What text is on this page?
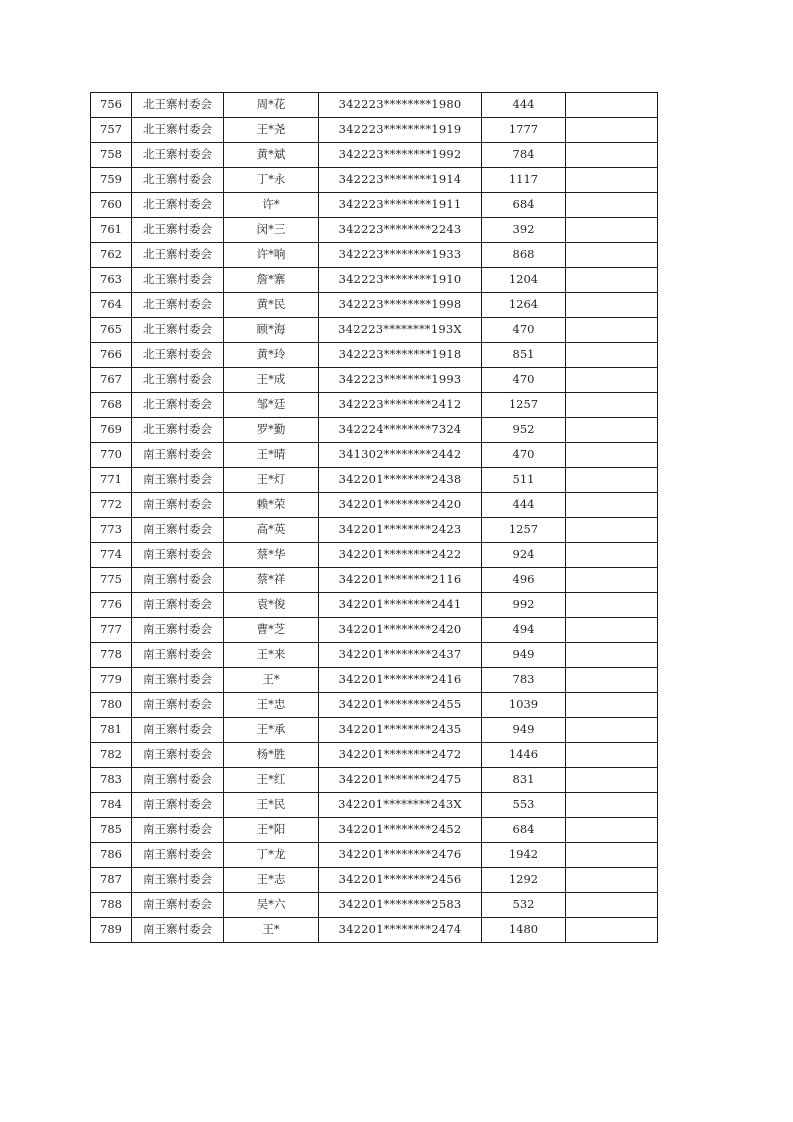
756	北王寨村委会	周*花	342223********1980	444	
757	北王寨村委会	王*尧	342223********1919	1777	
758	北王寨村委会	黄*斌	342223********1992	784	
759	北王寨村委会	丁*永	342223********1914	1117	
760	北王寨村委会	许*	342223********1911	684	
761	北王寨村委会	闵*三	342223********2243	392	
762	北王寨村委会	许*响	342223********1933	868	
763	北王寨村委会	詹*寨	342223********1910	1204	
764	北王寨村委会	黄*民	342223********1998	1264	
765	北王寨村委会	顾*海	342223********193X	470	
766	北王寨村委会	黄*玲	342223********1918	851	
767	北王寨村委会	王*成	342223********1993	470	
768	北王寨村委会	邹*廷	342223********2412	1257	
769	北王寨村委会	罗*勤	342224********7324	952	
770	南王寨村委会	王*晴	341302********2442	470	
771	南王寨村委会	王*灯	342201********2438	511	
772	南王寨村委会	赖*荣	342201********2420	444	
773	南王寨村委会	高*英	342201********2423	1257	
774	南王寨村委会	蔡*华	342201********2422	924	
775	南王寨村委会	蔡*祥	342201********2116	496	
776	南王寨村委会	袁*俊	342201********2441	992	
777	南王寨村委会	曹*芝	342201********2420	494	
778	南王寨村委会	王*来	342201********2437	949	
779	南王寨村委会	王*	342201********2416	783	
780	南王寨村委会	王*忠	342201********2455	1039	
781	南王寨村委会	王*承	342201********2435	949	
782	南王寨村委会	杨*胜	342201********2472	1446	
783	南王寨村委会	王*红	342201********2475	831	
784	南王寨村委会	王*民	342201********243X	553	
785	南王寨村委会	王*阳	342201********2452	684	
786	南王寨村委会	丁*龙	342201********2476	1942	
787	南王寨村委会	王*志	342201********2456	1292	
788	南王寨村委会	吴*六	342201********2583	532	
789	南王寨村委会	王*	342201********2474	1480	
